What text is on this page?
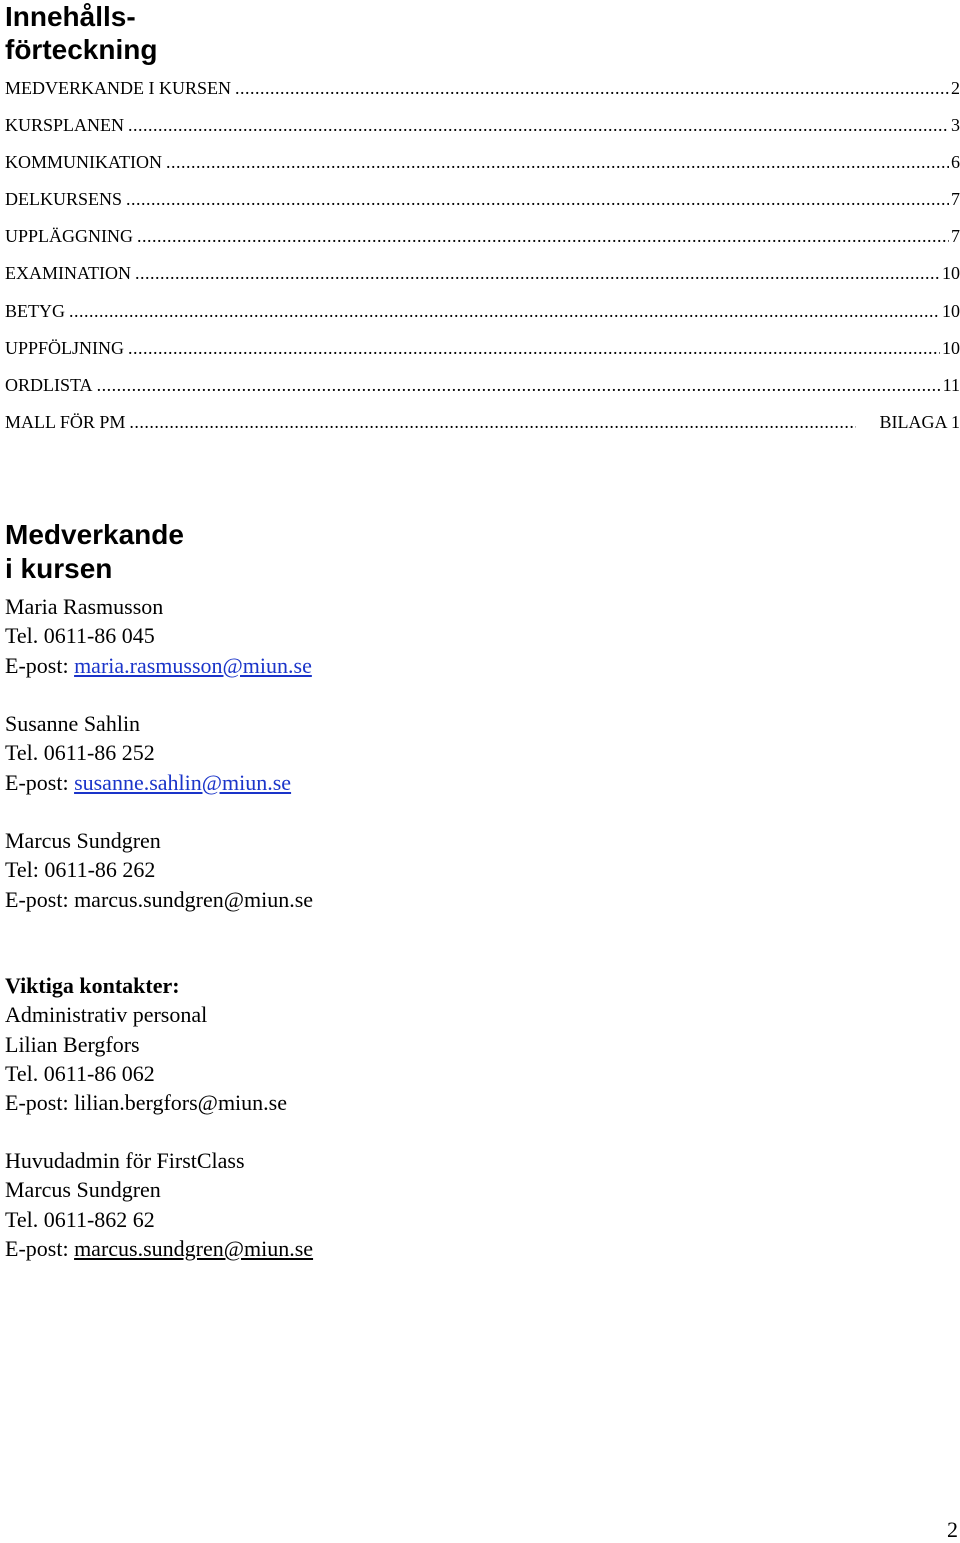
Innehålls-
förteckning
MEDVERKANDE I KURSEN .....	2
KURSPLANEN .....	3
KOMMUNIKATION .....	6
DELKURSENS .....	7
UPPLÄGGNING .....	7
EXAMINATION .....	10
BETYG .....	10
UPPFÖLJNING .....	10
ORDLISTA .....	11
MALL FÖR PM .....	BILAGA 1
Medverkande
i kursen

Maria Rasmusson

Tel. 0611-86 045

E-post: maria.rasmusson@miun.se

Susanne Sahlin

Tel. 0611-86 252

E-post: susanne.sahlin@miun.se

Marcus Sundgren

Tel: 0611-86 262

E-post: marcus.sundgren@miun.se

Viktiga kontakter:

Administrativ personal

Lilian Bergfors

Tel. 0611-86 062

E-post: lilian.bergfors@miun.se

Huvudadmin för FirstClass

Marcus Sundgren

Tel. 0611-862 62

E-post: marcus.sundgren@miun.se

2
